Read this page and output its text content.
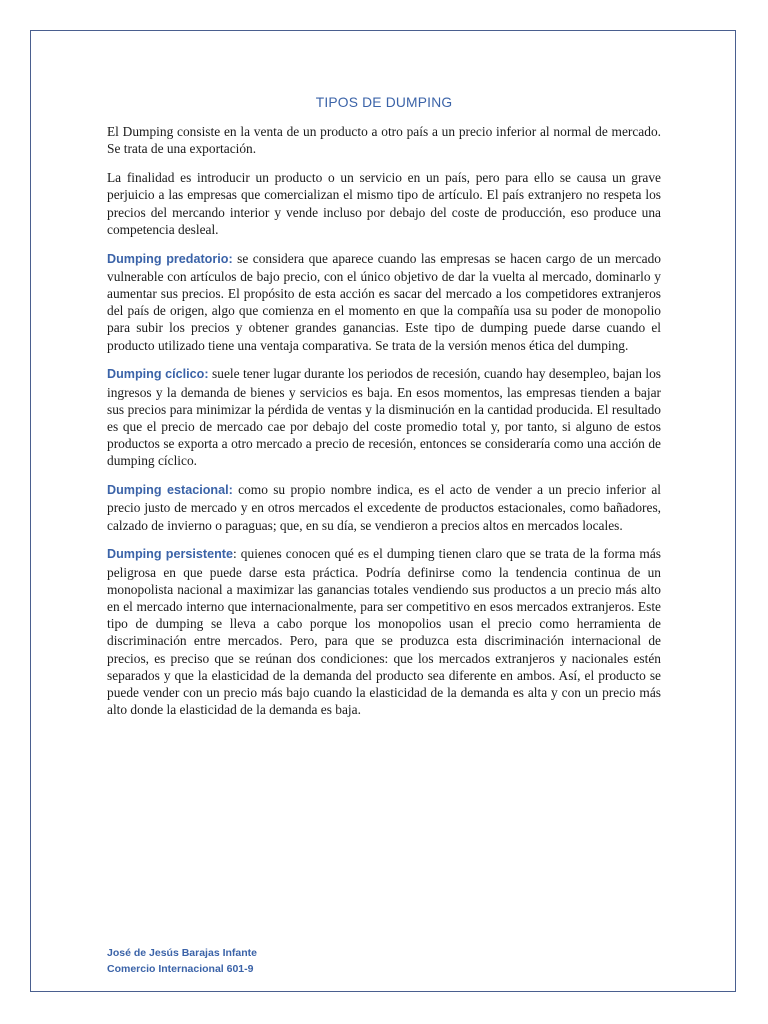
TIPOS DE DUMPING

El Dumping consiste en la venta de un producto a otro país a un precio inferior al normal de mercado. Se trata de una exportación.

La finalidad es introducir un producto o un servicio en un país, pero para ello se causa un grave perjuicio a las empresas que comercializan el mismo tipo de artículo. El país extranjero no respeta los precios del mercando interior y vende incluso por debajo del coste de producción, eso produce una competencia desleal.

Dumping predatorio: se considera que aparece cuando las empresas se hacen cargo de un mercado vulnerable con artículos de bajo precio, con el único objetivo de dar la vuelta al mercado, dominarlo y aumentar sus precios. El propósito de esta acción es sacar del mercado a los competidores extranjeros del país de origen, algo que comienza en el momento en que la compañía usa su poder de monopolio para subir los precios y obtener grandes ganancias. Este tipo de dumping puede darse cuando el producto utilizado tiene una ventaja comparativa. Se trata de la versión menos ética del dumping.

Dumping cíclico: suele tener lugar durante los periodos de recesión, cuando hay desempleo, bajan los ingresos y la demanda de bienes y servicios es baja. En esos momentos, las empresas tienden a bajar sus precios para minimizar la pérdida de ventas y la disminución en la cantidad producida. El resultado es que el precio de mercado cae por debajo del coste promedio total y, por tanto, si alguno de estos productos se exporta a otro mercado a precio de recesión, entonces se consideraría como una acción de dumping cíclico.

Dumping estacional: como su propio nombre indica, es el acto de vender a un precio inferior al precio justo de mercado y en otros mercados el excedente de productos estacionales, como bañadores, calzado de invierno o paraguas; que, en su día, se vendieron a precios altos en mercados locales.

Dumping persistente: quienes conocen qué es el dumping tienen claro que se trata de la forma más peligrosa en que puede darse esta práctica. Podría definirse como la tendencia continua de un monopolista nacional a maximizar las ganancias totales vendiendo sus productos a un precio más alto en el mercado interno que internacionalmente, para ser competitivo en esos mercados extranjeros. Este tipo de dumping se lleva a cabo porque los monopolios usan el precio como herramienta de discriminación entre mercados. Pero, para que se produzca esta discriminación internacional de precios, es preciso que se reúnan dos condiciones: que los mercados extranjeros y nacionales estén separados y que la elasticidad de la demanda del producto sea diferente en ambos. Así, el producto se puede vender con un precio más bajo cuando la elasticidad de la demanda es alta y con un precio más alto donde la elasticidad de la demanda es baja.

José de Jesús Barajas Infante
Comercio Internacional 601-9
